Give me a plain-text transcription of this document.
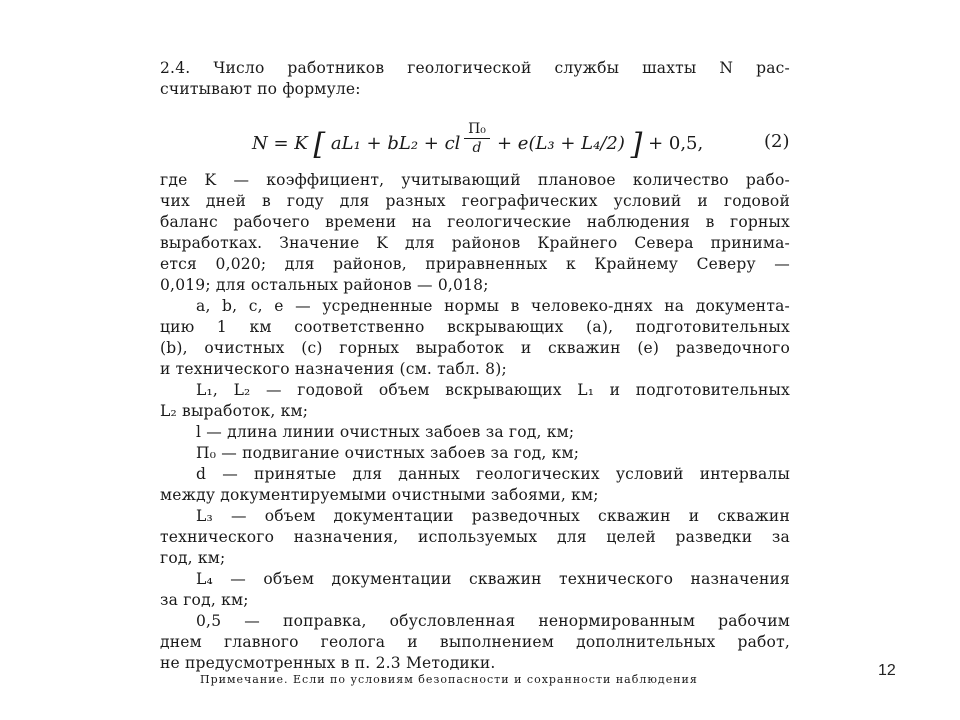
2.4. Число работников геологической службы шахты N рас-
считывают по формуле:
N = K [ aL₁ + bL₂ + cl
П₀
d + e(L₃ + L₄/2) ] + 0,5,	(2)
где K — коэффициент, учитывающий плановое количество рабо-
чих дней в году для разных географических условий и годовой
баланс рабочего времени на геологические наблюдения в горных
выработках. Значение K для районов Крайнего Севера принима-
ется 0,020; для районов, приравненных к Крайнему Северу —
0,019; для остальных районов — 0,018;
a, b, c, e — усредненные нормы в человеко-днях на документа-
цию 1 км соответственно вскрывающих (a), подготовительных
(b), очистных (c) горных выработок и скважин (e) разведочного
и технического назначения (см. табл. 8);
L₁, L₂ — годовой объем вскрывающих L₁ и подготовительных
L₂ выработок, км;
l — длина линии очистных забоев за год, км;
П₀ — подвигание очистных забоев за год, км;
d — принятые для данных геологических условий интервалы
между документируемыми очистными забоями, км;
L₃ — объем документации разведочных скважин и скважин
технического назначения, используемых для целей разведки за
год, км;
L₄ — объем документации скважин технического назначения
за год, км;
0,5 — поправка, обусловленная ненормированным рабочим
днем главного геолога и выполнением дополнительных работ,
не предусмотренных в п. 2.3 Методики.
Примечание. Если по условиям безопасности и сохранности наблюдения
12
